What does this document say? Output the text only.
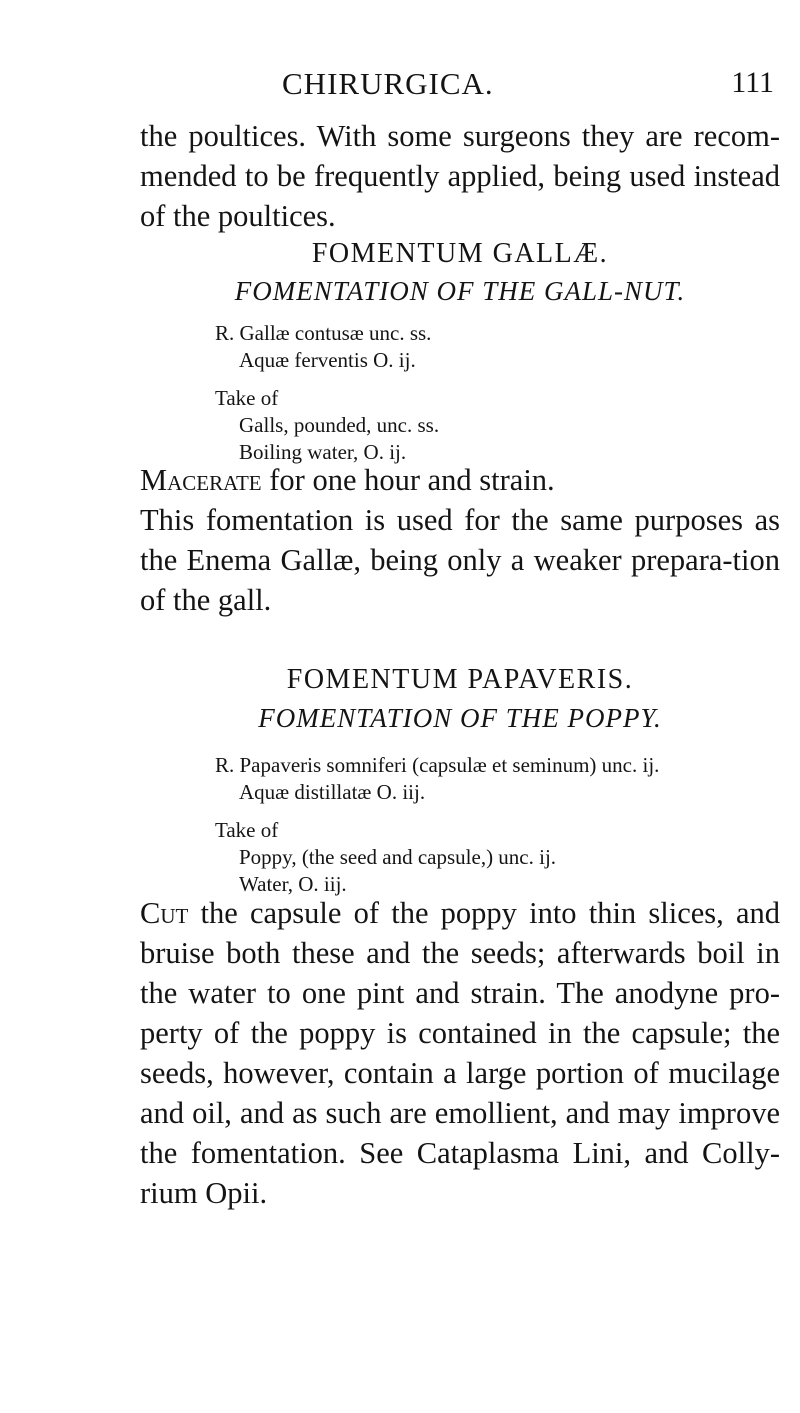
CHIRURGICA.	111

the poultices. With some surgeons they are recom-mended to be frequently applied, being used instead of the poultices.

FOMENTUM GALLÆ.
FOMENTATION OF THE GALL-NUT.
R. Gallæ contusæ unc. ss.
Aquæ ferventis O. ij.
Take of
Galls, pounded, unc. ss.
Boiling water, O. ij.

Macerate for one hour and strain.

This fomentation is used for the same purposes as the Enema Gallæ, being only a weaker prepara-tion of the gall.

FOMENTUM PAPAVERIS.
FOMENTATION OF THE POPPY.
R. Papaveris somniferi (capsulæ et seminum) unc. ij.
Aquæ distillatæ O. iij.
Take of
Poppy, (the seed and capsule,) unc. ij.
Water, O. iij.

Cut the capsule of the poppy into thin slices, and bruise both these and the seeds; afterwards boil in the water to one pint and strain. The anodyne pro-perty of the poppy is contained in the capsule; the seeds, however, contain a large portion of mucilage and oil, and as such are emollient, and may improve the fomentation. See Cataplasma Lini, and Colly-rium Opii.
